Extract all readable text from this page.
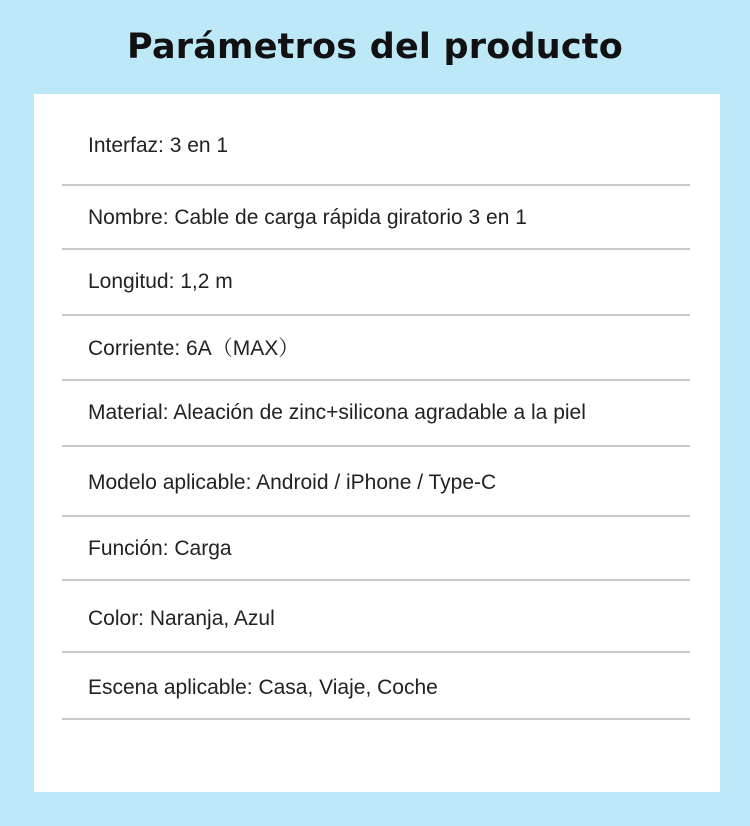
Parámetros del producto
Interfaz: 3 en 1
Nombre: Cable de carga rápida giratorio 3 en 1
Longitud: 1,2 m
Corriente: 6A（MAX）
Material: Aleación de zinc+silicona agradable a la piel
Modelo aplicable: Android / iPhone / Type-C
Función: Carga
Color: Naranja, Azul
Escena aplicable: Casa, Viaje, Coche
